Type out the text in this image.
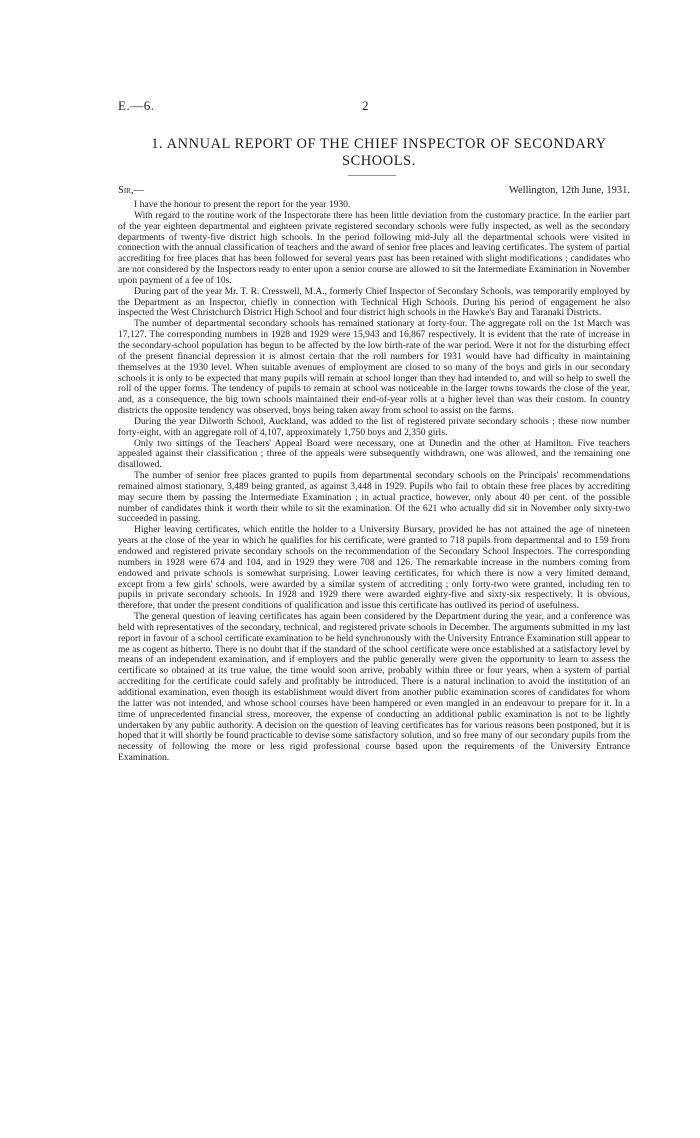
E.—6.	2
1. ANNUAL REPORT OF THE CHIEF INSPECTOR OF SECONDARY SCHOOLS.
Sir,—	Wellington, 12th June, 1931.

I have the honour to present the report for the year 1930.

With regard to the routine work of the Inspectorate there has been little deviation from the customary practice. In the earlier part of the year eighteen departmental and eighteen private registered secondary schools were fully inspected, as well as the secondary departments of twenty-five district high schools. In the period following mid-July all the departmental schools were visited in connection with the annual classification of teachers and the award of senior free places and leaving certificates. The system of partial accrediting for free places that has been followed for several years past has been retained with slight modifications ; candidates who are not considered by the Inspectors ready to enter upon a senior course are allowed to sit the Intermediate Examination in November upon payment of a fee of 10s.

During part of the year Mr. T. R. Cresswell, M.A., formerly Chief Inspector of Secondary Schools, was temporarily employed by the Department as an Inspector, chiefly in connection with Technical High Schools. During his period of engagement he also inspected the West Christchurch District High School and four district high schools in the Hawke's Bay and Taranaki Districts.

The number of departmental secondary schools has remained stationary at forty-four. The aggregate roll on the 1st March was 17,127. The corresponding numbers in 1928 and 1929 were 15,943 and 16,867 respectively. It is evident that the rate of increase in the secondary-school population has begun to be affected by the low birth-rate of the war period. Were it not for the disturbing effect of the present financial depression it is almost certain that the roll numbers for 1931 would have had difficulty in maintaining themselves at the 1930 level. When suitable avenues of employment are closed to so many of the boys and girls in our secondary schools it is only to be expected that many pupils will remain at school longer than they had intended to, and will so help to swell the roll of the upper forms. The tendency of pupils to remain at school was noticeable in the larger towns towards the close of the year, and, as a consequence, the big town schools maintained their end-of-year rolls at a higher level than was their custom. In country districts the opposite tendency was observed, boys being taken away from school to assist on the farms.

During the year Dilworth School, Auckland, was added to the list of registered private secondary schools ; these now number forty-eight, with an aggregate roll of 4,107, approximately 1,750 boys and 2,350 girls.

Only two sittings of the Teachers' Appeal Board were necessary, one at Dunedin and the other at Hamilton. Five teachers appealed against their classification ; three of the appeals were subsequently withdrawn, one was allowed, and the remaining one disallowed.

The number of senior free places granted to pupils from departmental secondary schools on the Principals' recommendations remained almost stationary, 3,489 being granted, as against 3,448 in 1929. Pupils who fail to obtain these free places by accrediting may secure them by passing the Intermediate Examination ; in actual practice, however, only about 40 per cent. of the possible number of candidates think it worth their while to sit the examination. Of the 621 who actually did sit in November only sixty-two succeeded in passing.

Higher leaving certificates, which entitle the holder to a University Bursary, provided he has not attained the age of nineteen years at the close of the year in which he qualifies for his certificate, were granted to 718 pupils from departmental and to 159 from endowed and registered private secondary schools on the recommendation of the Secondary School Inspectors. The corresponding numbers in 1928 were 674 and 104, and in 1929 they were 708 and 126. The remarkable increase in the numbers coming from endowed and private schools is somewhat surprising. Lower leaving certificates, for which there is now a very limited demand, except from a few girls' schools, were awarded by a similar system of accrediting ; only forty-two were granted, including ten to pupils in private secondary schools. In 1928 and 1929 there were awarded eighty-five and sixty-six respectively. It is obvious, therefore, that under the present conditions of qualification and issue this certificate has outlived its period of usefulness.

The general question of leaving certificates has again been considered by the Department during the year, and a conference was held with representatives of the secondary, technical, and registered private schools in December. The arguments submitted in my last report in favour of a school certificate examination to be held synchronously with the University Entrance Examination still appear to me as cogent as hitherto. There is no doubt that if the standard of the school certificate were once established at a satisfactory level by means of an independent examination, and if employers and the public generally were given the opportunity to learn to assess the certificate so obtained at its true value, the time would soon arrive, probably within three or four years, when a system of partial accrediting for the certificate could safely and profitably be introduced. There is a natural inclination to avoid the institution of an additional examination, even though its establishment would divert from another public examination scores of candidates for whom the latter was not intended, and whose school courses have been hampered or even mangled in an endeavour to prepare for it. In a time of unprecedented financial stress, moreover, the expense of conducting an additional public examination is not to be lightly undertaken by any public authority. A decision on the question of leaving certificates has for various reasons been postponed, but it is hoped that it will shortly be found practicable to devise some satisfactory solution, and so free many of our secondary pupils from the necessity of following the more or less rigid professional course based upon the requirements of the University Entrance Examination.
